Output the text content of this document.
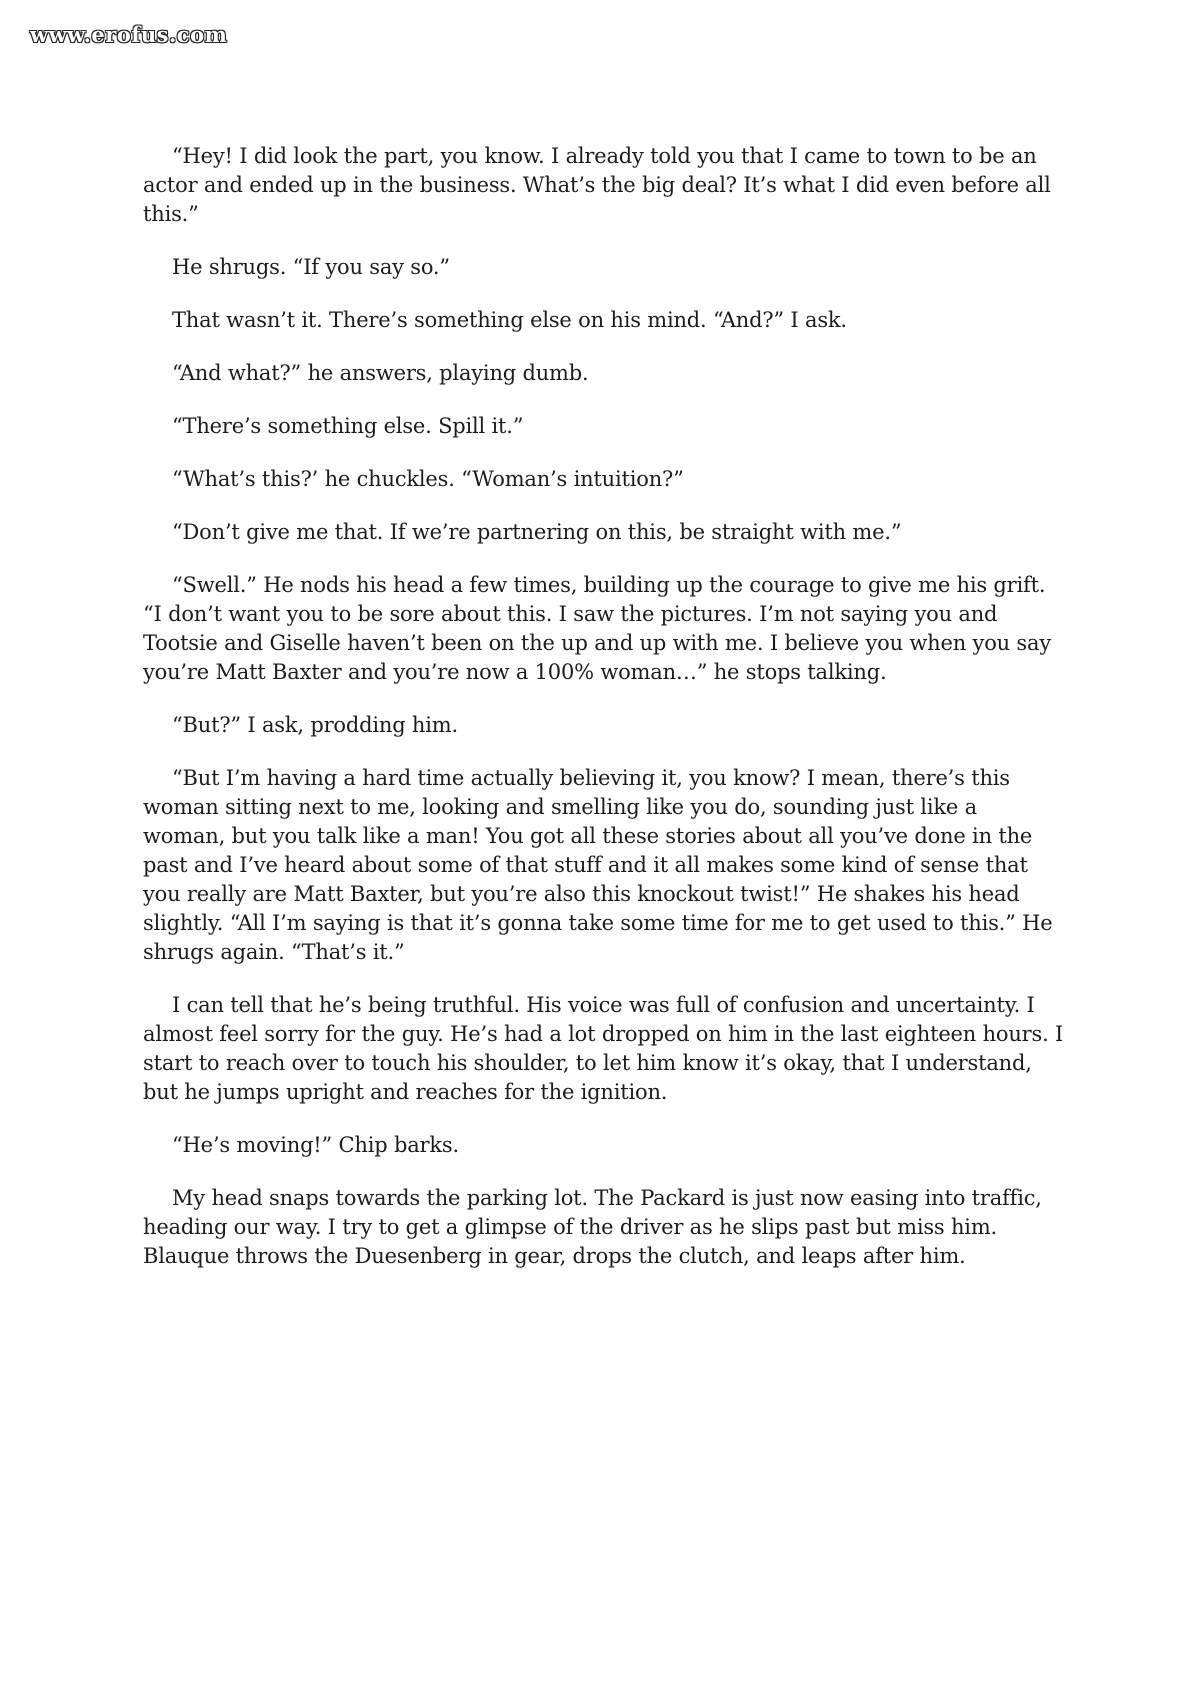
www.erofus.com

“Hey! I did look the part, you know. I already told you that I came to town to be an actor and ended up in the business. What’s the big deal? It’s what I did even before all this.”

He shrugs. “If you say so.”

That wasn’t it. There’s something else on his mind. “And?” I ask.

“And what?” he answers, playing dumb.

“There’s something else. Spill it.”

“What’s this?’ he chuckles. “Woman’s intuition?”

“Don’t give me that. If we’re partnering on this, be straight with me.”

“Swell.” He nods his head a few times, building up the courage to give me his grift. “I don’t want you to be sore about this. I saw the pictures. I’m not saying you and Tootsie and Giselle haven’t been on the up and up with me. I believe you when you say you’re Matt Baxter and you’re now a 100% woman…” he stops talking.

“But?” I ask, prodding him.

“But I’m having a hard time actually believing it, you know? I mean, there’s this woman sitting next to me, looking and smelling like you do, sounding just like a woman, but you talk like a man! You got all these stories about all you’ve done in the past and I’ve heard about some of that stuff and it all makes some kind of sense that you really are Matt Baxter, but you’re also this knockout twist!” He shakes his head slightly. “All I’m saying is that it’s gonna take some time for me to get used to this.” He shrugs again. “That’s it.”

I can tell that he’s being truthful. His voice was full of confusion and uncertainty. I almost feel sorry for the guy. He’s had a lot dropped on him in the last eighteen hours. I start to reach over to touch his shoulder, to let him know it’s okay, that I understand, but he jumps upright and reaches for the ignition.

“He’s moving!” Chip barks.

My head snaps towards the parking lot. The Packard is just now easing into traffic, heading our way. I try to get a glimpse of the driver as he slips past but miss him. Blauque throws the Duesenberg in gear, drops the clutch, and leaps after him.
